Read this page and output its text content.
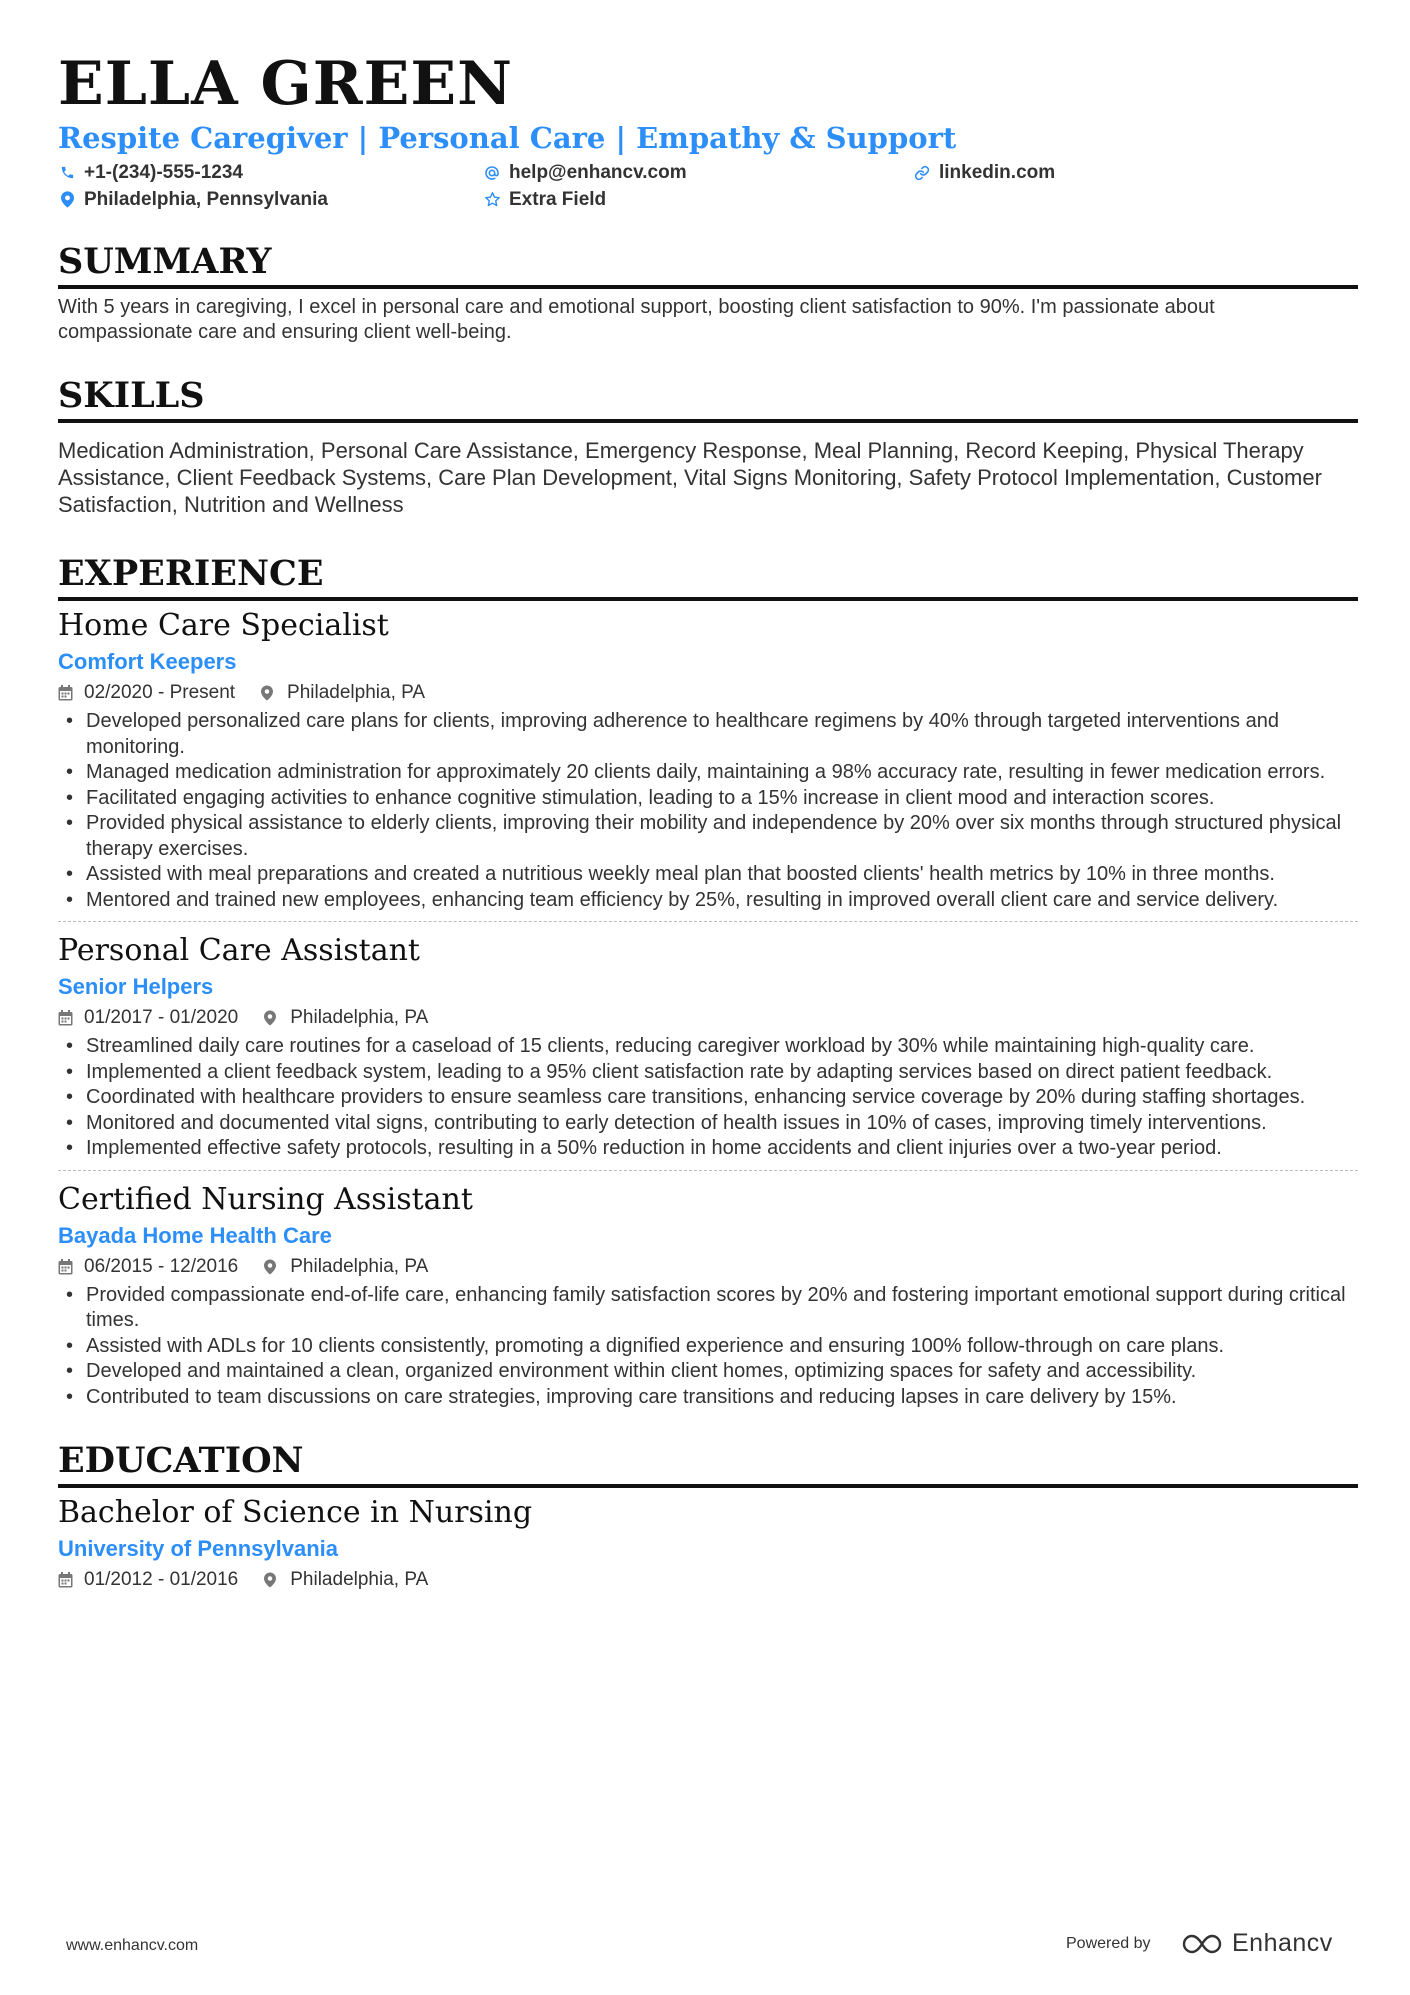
ELLA GREEN
Respite Caregiver | Personal Care | Empathy & Support
+1-(234)-555-1234	help@enhancv.com	linkedin.com
Philadelphia, Pennsylvania	Extra Field
SUMMARY

With 5 years in caregiving, I excel in personal care and emotional support, boosting client satisfaction to 90%. I'm passionate about compassionate care and ensuring client well-being.

SKILLS

Medication Administration, Personal Care Assistance, Emergency Response, Meal Planning, Record Keeping, Physical Therapy Assistance, Client Feedback Systems, Care Plan Development, Vital Signs Monitoring, Safety Protocol Implementation, Customer Satisfaction, Nutrition and Wellness

EXPERIENCE
Home Care Specialist
Comfort Keepers
02/2020 - Present	Philadelphia, PA
• Developed personalized care plans for clients, improving adherence to healthcare regimens by 40% through targeted interventions and monitoring.
• Managed medication administration for approximately 20 clients daily, maintaining a 98% accuracy rate, resulting in fewer medication errors.
• Facilitated engaging activities to enhance cognitive stimulation, leading to a 15% increase in client mood and interaction scores.
• Provided physical assistance to elderly clients, improving their mobility and independence by 20% over six months through structured physical therapy exercises.
• Assisted with meal preparations and created a nutritious weekly meal plan that boosted clients' health metrics by 10% in three months.
• Mentored and trained new employees, enhancing team efficiency by 25%, resulting in improved overall client care and service delivery.
Personal Care Assistant
Senior Helpers
01/2017 - 01/2020	Philadelphia, PA
• Streamlined daily care routines for a caseload of 15 clients, reducing caregiver workload by 30% while maintaining high-quality care.
• Implemented a client feedback system, leading to a 95% client satisfaction rate by adapting services based on direct patient feedback.
• Coordinated with healthcare providers to ensure seamless care transitions, enhancing service coverage by 20% during staffing shortages.
• Monitored and documented vital signs, contributing to early detection of health issues in 10% of cases, improving timely interventions.
• Implemented effective safety protocols, resulting in a 50% reduction in home accidents and client injuries over a two-year period.
Certified Nursing Assistant
Bayada Home Health Care
06/2015 - 12/2016	Philadelphia, PA
• Provided compassionate end-of-life care, enhancing family satisfaction scores by 20% and fostering important emotional support during critical times.
• Assisted with ADLs for 10 clients consistently, promoting a dignified experience and ensuring 100% follow-through on care plans.
• Developed and maintained a clean, organized environment within client homes, optimizing spaces for safety and accessibility.
• Contributed to team discussions on care strategies, improving care transitions and reducing lapses in care delivery by 15%.
EDUCATION
Bachelor of Science in Nursing
University of Pennsylvania
01/2012 - 01/2016	Philadelphia, PA
www.enhancv.com	Powered by	Enhancv
